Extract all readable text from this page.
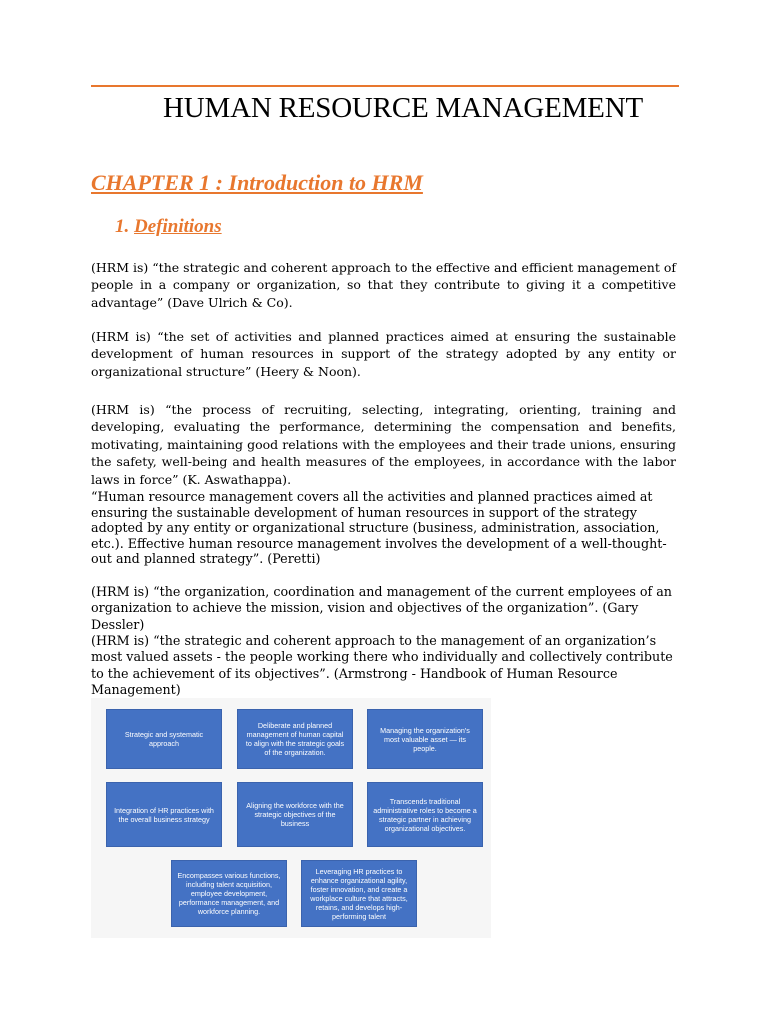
HUMAN RESOURCE MANAGEMENT
CHAPTER 1 : Introduction to HRM
1. Definitions

(HRM is) “the strategic and coherent approach to the effective and efficient management of people in a company or organization, so that they contribute to giving it a competitive advantage” (Dave Ulrich & Co).

(HRM is) “the set of activities and planned practices aimed at ensuring the sustainable development of human resources in support of the strategy adopted by any entity or organizational structure” (Heery & Noon).

(HRM is) “the process of recruiting, selecting, integrating, orienting, training and developing, evaluating the performance, determining the compensation and benefits, motivating, maintaining good relations with the employees and their trade unions, ensuring the safety, well-being and health measures of the employees, in accordance with the labor laws in force” (K. Aswathappa).

“Human resource management covers all the activities and planned practices aimed at ensuring the sustainable development of human resources in support of the strategy adopted by any entity or organizational structure (business, administration, association, etc.). Effective human resource management involves the development of a well-thought-out and planned strategy”. (Peretti)

(HRM is) “the organization, coordination and management of the current employees of an organization to achieve the mission, vision and objectives of the organization”. (Gary Dessler)

(HRM is) “the strategic and coherent approach to the management of an organization’s most valued assets - the people working there who individually and collectively contribute to the achievement of its objectives”. (Armstrong - Handbook of Human Resource Management)

Strategic and systematic approach
Deliberate and planned management of human capital to align with the strategic goals of the organization.
Managing the organization's most valuable asset — its people.
Integration of HR practices with the overall business strategy
Aligning the workforce with the strategic objectives of the business
Transcends traditional administrative roles to become a strategic partner in achieving organizational objectives.
Encompasses various functions, including talent acquisition, employee development, performance management, and workforce planning.
Leveraging HR practices to enhance organizational agility, foster innovation, and create a workplace culture that attracts, retains, and develops high-performing talent
